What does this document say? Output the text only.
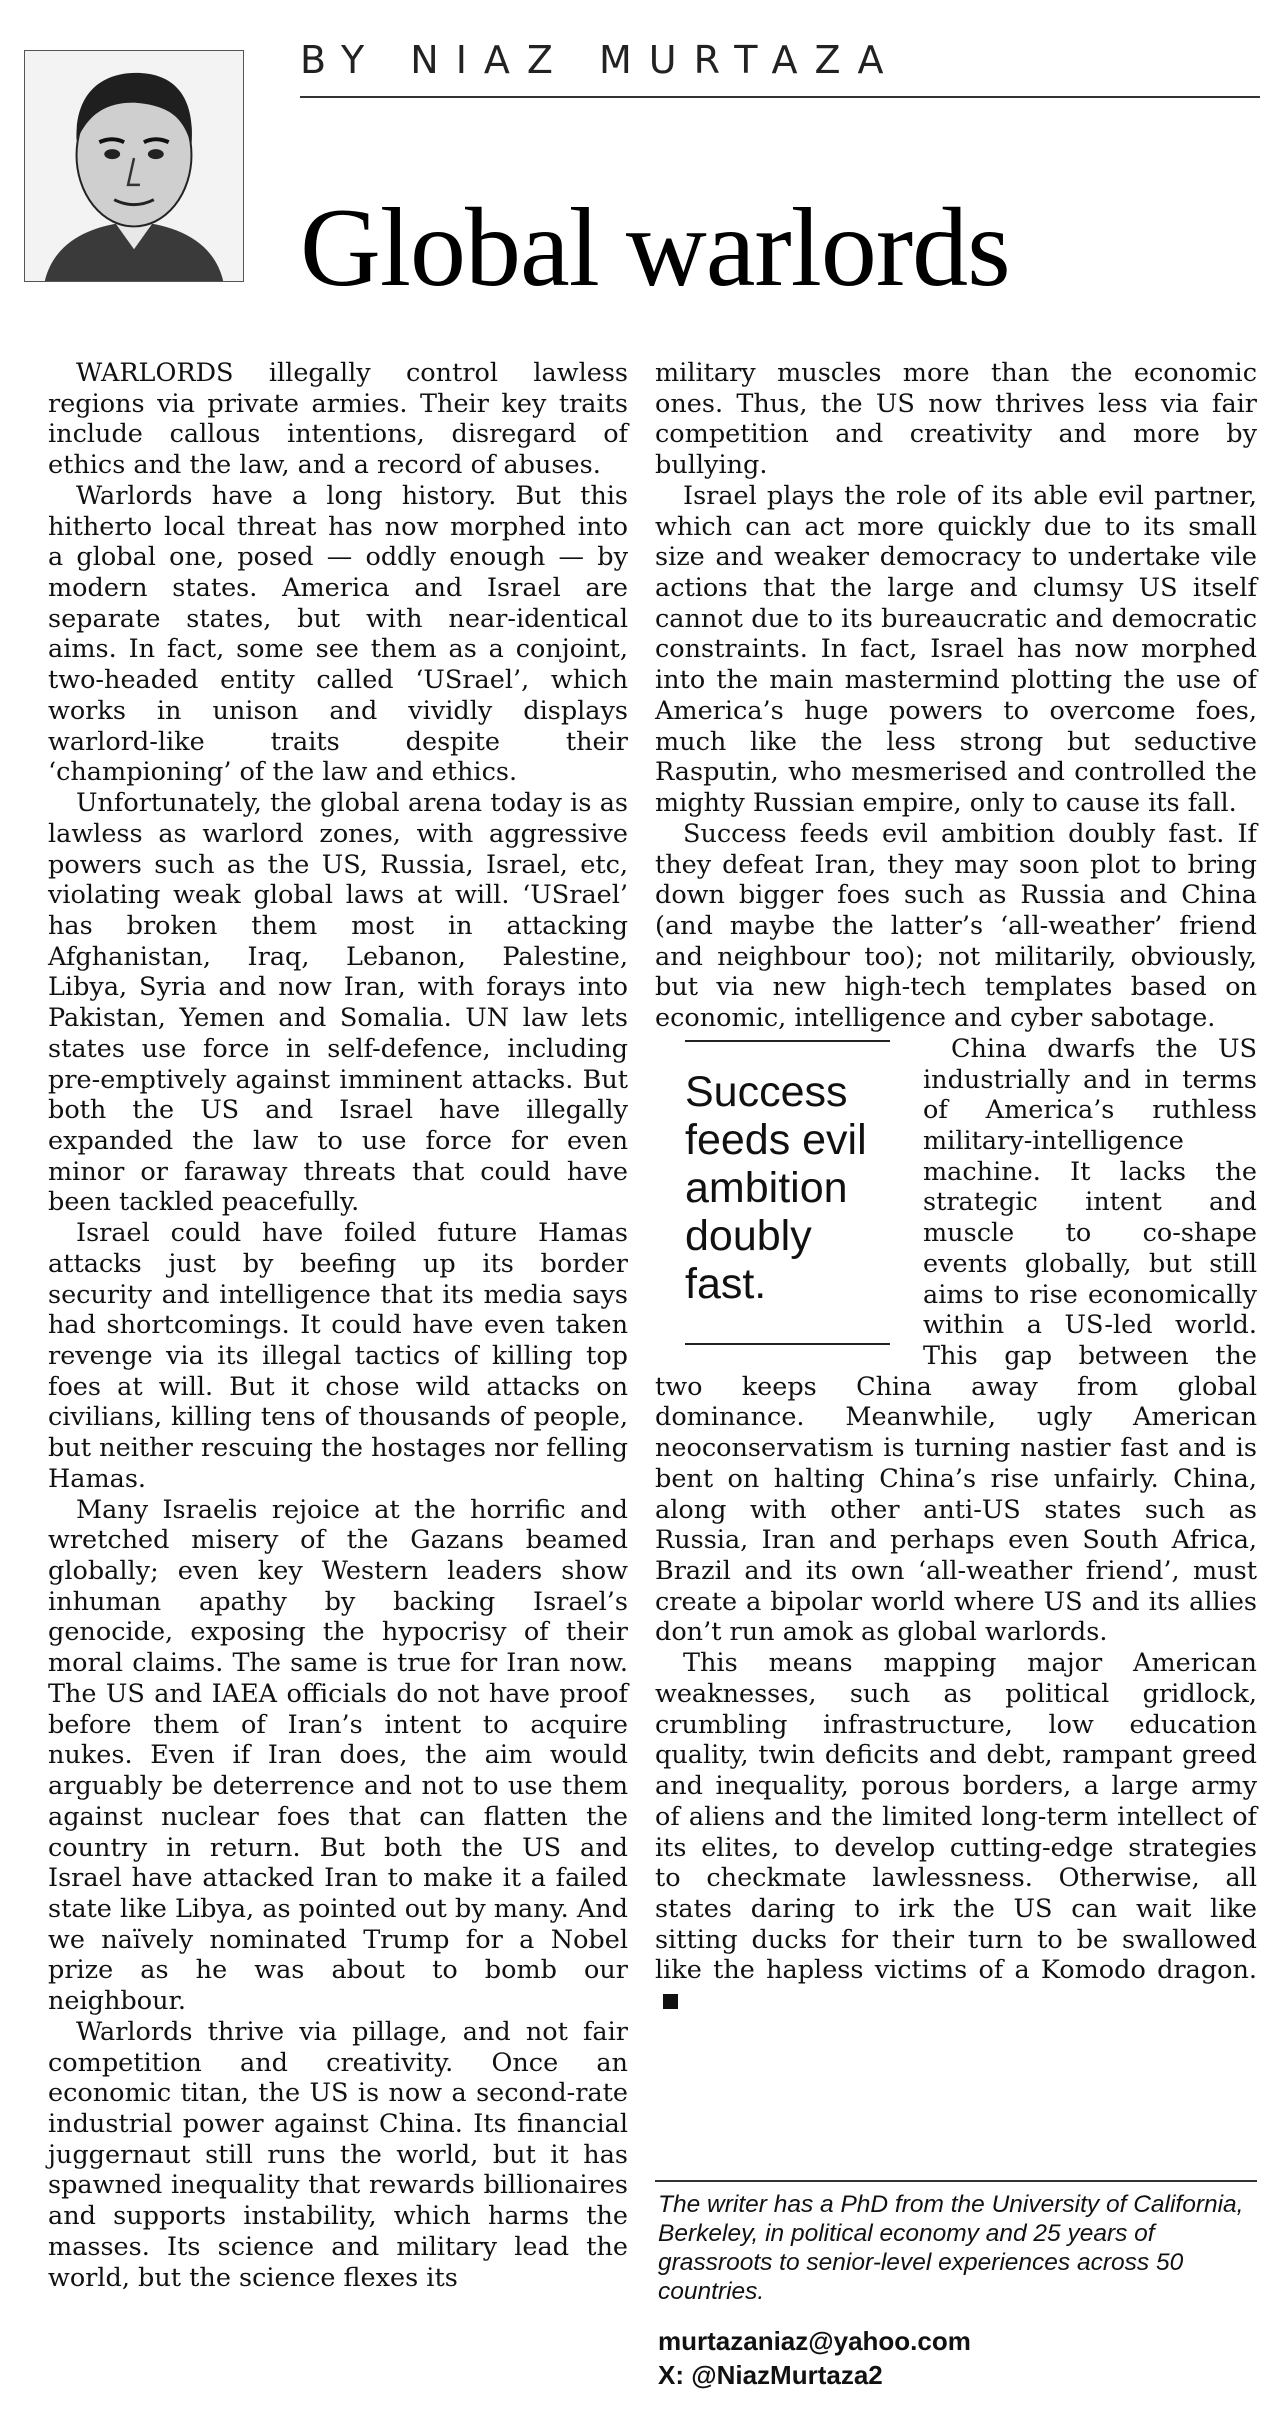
BY NIAZ MURTAZA
Global warlords

WARLORDS illegally control lawless regions via private armies. Their key traits include callous intentions, disregard of ethics and the law, and a record of abuses.

Warlords have a long history. But this hitherto local threat has now morphed into a global one, posed — oddly enough — by modern states. America and Israel are separate states, but with near-identical aims. In fact, some see them as a conjoint, two-headed entity called ‘USrael’, which works in unison and vividly displays warlord-like traits despite their ‘championing’ of the law and ethics.

Unfortunately, the global arena today is as lawless as warlord zones, with aggressive powers such as the US, Russia, Israel, etc, violating weak global laws at will. ‘USrael’ has broken them most in attacking Afghanistan, Iraq, Lebanon, Palestine, Libya, Syria and now Iran, with forays into Pakistan, Yemen and Somalia. UN law lets states use force in self-defence, including pre-emptively against imminent attacks. But both the US and Israel have illegally expanded the law to use force for even minor or faraway threats that could have been tackled peacefully.

Israel could have foiled future Hamas attacks just by beefing up its border security and intelligence that its media says had shortcomings. It could have even taken revenge via its illegal tactics of killing top foes at will. But it chose wild attacks on civilians, killing tens of thousands of people, but neither rescuing the hostages nor felling Hamas.

Many Israelis rejoice at the horrific and wretched misery of the Gazans beamed globally; even key Western leaders show inhuman apathy by backing Israel’s genocide, exposing the hypocrisy of their moral claims. The same is true for Iran now. The US and IAEA officials do not have proof before them of Iran’s intent to acquire nukes. Even if Iran does, the aim would arguably be deterrence and not to use them against nuclear foes that can flatten the country in return. But both the US and Israel have attacked Iran to make it a failed state like Libya, as pointed out by many. And we naïvely nominated Trump for a Nobel prize as he was about to bomb our neighbour.

Warlords thrive via pillage, and not fair competition and creativity. Once an economic titan, the US is now a second-rate industrial power against China. Its financial juggernaut still runs the world, but it has spawned inequality that rewards billionaires and supports instability, which harms the masses. Its science and military lead the world, but the science flexes its

military muscles more than the economic ones. Thus, the US now thrives less via fair competition and creativity and more by bullying.

Israel plays the role of its able evil partner, which can act more quickly due to its small size and weaker democracy to undertake vile actions that the large and clumsy US itself cannot due to its bureaucratic and democratic constraints. In fact, Israel has now morphed into the main mastermind plotting the use of America’s huge powers to overcome foes, much like the less strong but seductive Rasputin, who mesmerised and controlled the mighty Russian empire, only to cause its fall.

Success feeds evil ambition doubly fast. If they defeat Iran, they may soon plot to bring down bigger foes such as Russia and China (and maybe the latter’s ‘all-weather’ friend and neighbour too); not militarily, obviously, but via new high-tech templates based on economic, intelligence and cyber sabotage.

Success feeds evil ambition doubly fast.

China dwarfs the US industrially and in terms of America’s ruthless military-intelligence machine. It lacks the strategic intent and muscle to co-shape events globally, but still aims to rise economically within a US-led world. This gap between the two keeps China away from global dominance. Meanwhile, ugly American neoconservatism is turning nastier fast and is bent on halting China’s rise unfairly. China, along with other anti-US states such as Russia, Iran and perhaps even South Africa, Brazil and its own ‘all-weather friend’, must create a bipolar world where US and its allies don’t run amok as global warlords.

This means mapping major American weaknesses, such as political gridlock, crumbling infrastructure, low education quality, twin deficits and debt, rampant greed and inequality, porous borders, a large army of aliens and the limited long-term intellect of its elites, to develop cutting-edge strategies to checkmate lawlessness. Otherwise, all states daring to irk the US can wait like sitting ducks for their turn to be swallowed like the hapless victims of a Komodo dragon.

The writer has a PhD from the University of California, Berkeley, in political economy and 25 years of grassroots to senior-level experiences across 50 countries.

murtazaniaz@yahoo.com
X: @NiazMurtaza2
